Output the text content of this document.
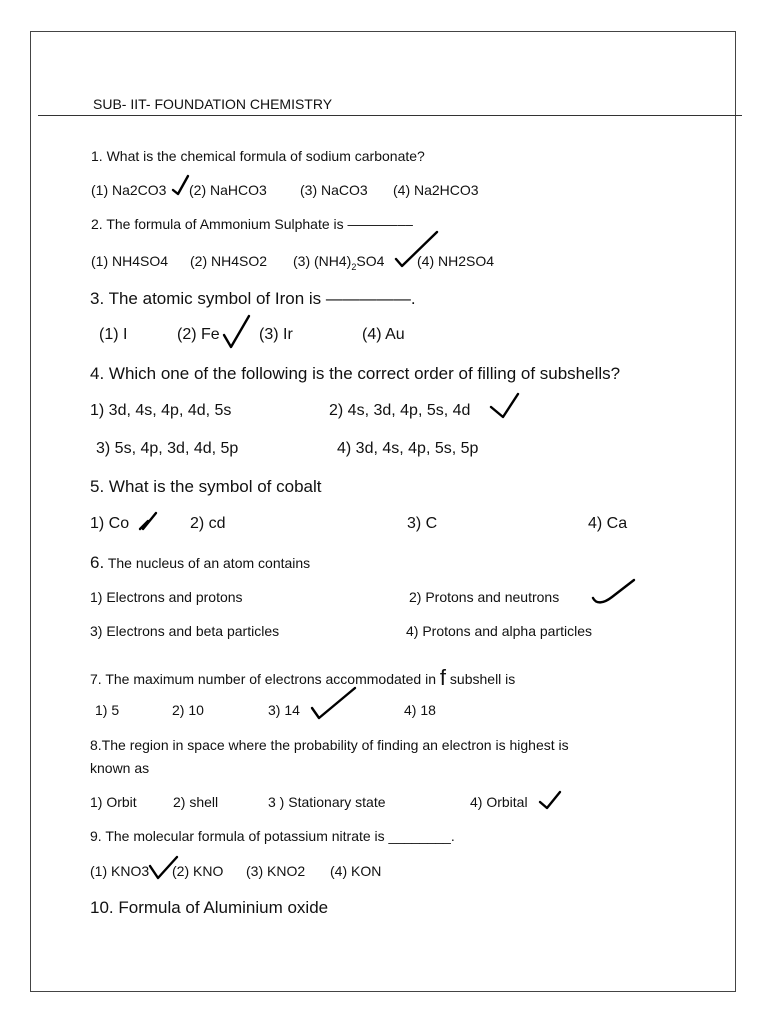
SUB- IIT- FOUNDATION CHEMISTRY
1. What is the chemical formula of sodium carbonate?
(1) Na2CO3 (2) NaHCO3 (3) NaCO3 (4) Na2HCO3
2. The formula of Ammonium Sulphate is ———–––
(1) NH4SO4 (2) NH4SO2 (3) $(NH4)_2SO4$ (4) NH2SO4
3. The atomic symbol of Iron is —————.
(1) I	(2) Fe (3) Ir	(4) Au
4. Which one of the following is the correct order of filling of subshells?
1) 3d, 4s, 4p, 4d, 5s	2) 4s, 3d, 4p, 5s, 4d
3) 5s, 4p, 3d, 4d, 5p	4) 3d, 4s, 4p, 5s, 5p
5. What is the symbol of cobalt
1) Co	2) cd	3) C	4) Ca
6. The nucleus of an atom contains
1) Electrons and protons	2) Protons and neutrons
3) Electrons and beta particles	4) Protons and alpha particles
7. The maximum number of electrons accommodated in f subshell is
1) 5	2) 10	3) 14	4) 18
8.The region in space where the probability of finding an electron is highest is
known as
1) Orbit	2) shell	3 ) Stationary state	4) Orbital
9. The molecular formula of potassium nitrate is ________.
(1) KNO3 (2) KNO (3) KNO2 (4) KON
10. Formula of Aluminium oxide
